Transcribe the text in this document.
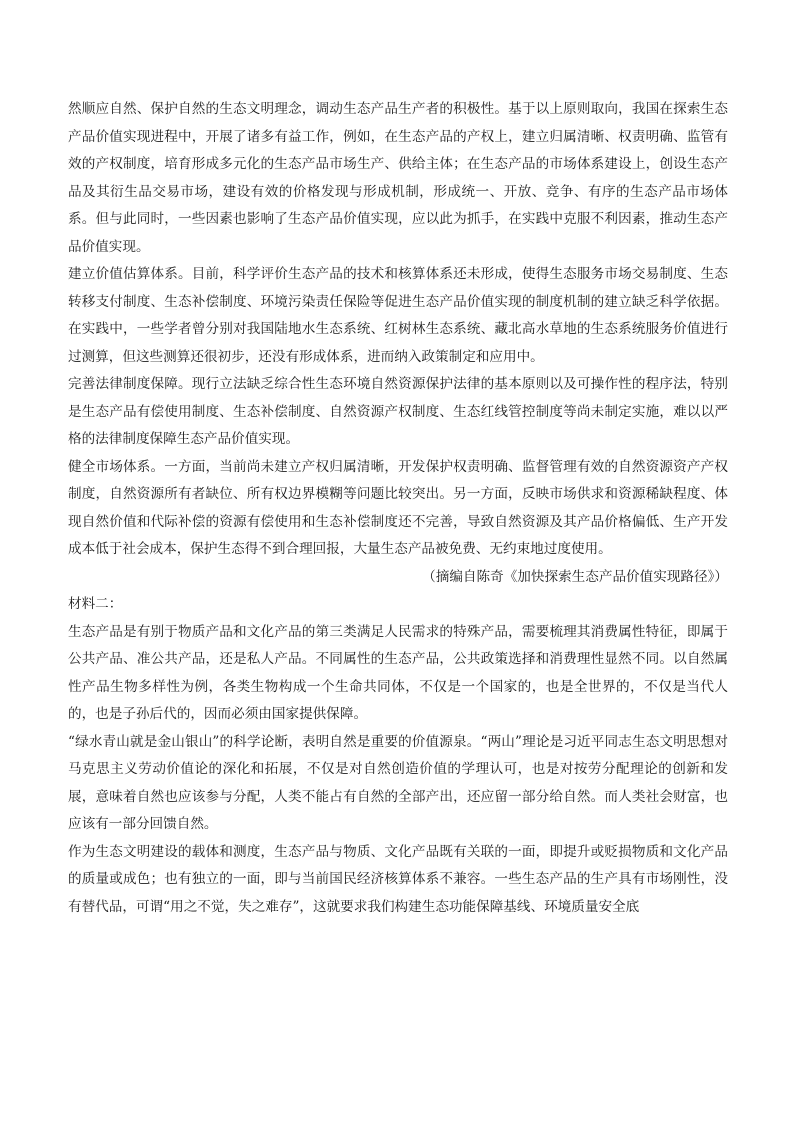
然顺应自然、保护自然的生态文明理念，调动生态产品生产者的积极性。基于以上原则取向，我国在探索生态产品价值实现进程中，开展了诸多有益工作，例如，在生态产品的产权上，建立归属清晰、权责明确、监管有效的产权制度，培育形成多元化的生态产品市场生产、供给主体；在生态产品的市场体系建设上，创设生态产品及其衍生品交易市场，建设有效的价格发现与形成机制，形成统一、开放、竞争、有序的生态产品市场体系。但与此同时，一些因素也影响了生态产品价值实现，应以此为抓手，在实践中克服不利因素，推动生态产品价值实现。

建立价值估算体系。目前，科学评价生态产品的技术和核算体系还未形成，使得生态服务市场交易制度、生态转移支付制度、生态补偿制度、环境污染责任保险等促进生态产品价值实现的制度机制的建立缺乏科学依据。在实践中，一些学者曾分别对我国陆地水生态系统、红树林生态系统、藏北高水草地的生态系统服务价值进行过测算，但这些测算还很初步，还没有形成体系，进而纳入政策制定和应用中。

完善法律制度保障。现行立法缺乏综合性生态环境自然资源保护法律的基本原则以及可操作性的程序法，特别是生态产品有偿使用制度、生态补偿制度、自然资源产权制度、生态红线管控制度等尚未制定实施，难以以严格的法律制度保障生态产品价值实现。

健全市场体系。一方面，当前尚未建立产权归属清晰，开发保护权责明确、监督管理有效的自然资源资产产权制度，自然资源所有者缺位、所有权边界模糊等问题比较突出。另一方面，反映市场供求和资源稀缺程度、体现自然价值和代际补偿的资源有偿使用和生态补偿制度还不完善，导致自然资源及其产品价格偏低、生产开发成本低于社会成本，保护生态得不到合理回报，大量生态产品被免费、无约束地过度使用。

（摘编自陈奇《加快探索生态产品价值实现路径》）

材料二：

生态产品是有别于物质产品和文化产品的第三类满足人民需求的特殊产品，需要梳理其消费属性特征，即属于公共产品、准公共产品，还是私人产品。不同属性的生态产品，公共政策选择和消费理性显然不同。以自然属性产品生物多样性为例，各类生物构成一个生命共同体，不仅是一个国家的，也是全世界的，不仅是当代人的，也是子孙后代的，因而必须由国家提供保障。

“绿水青山就是金山银山”的科学论断，表明自然是重要的价值源泉。“两山”理论是习近平同志生态文明思想对马克思主义劳动价值论的深化和拓展，不仅是对自然创造价值的学理认可，也是对按劳分配理论的创新和发展，意味着自然也应该参与分配，人类不能占有自然的全部产出，还应留一部分给自然。而人类社会财富，也应该有一部分回馈自然。

作为生态文明建设的载体和测度，生态产品与物质、文化产品既有关联的一面，即提升或贬损物质和文化产品的质量或成色；也有独立的一面，即与当前国民经济核算体系不兼容。一些生态产品的生产具有市场刚性，没有替代品，可谓“用之不觉，失之难存”，这就要求我们构建生态功能保障基线、环境质量安全底
